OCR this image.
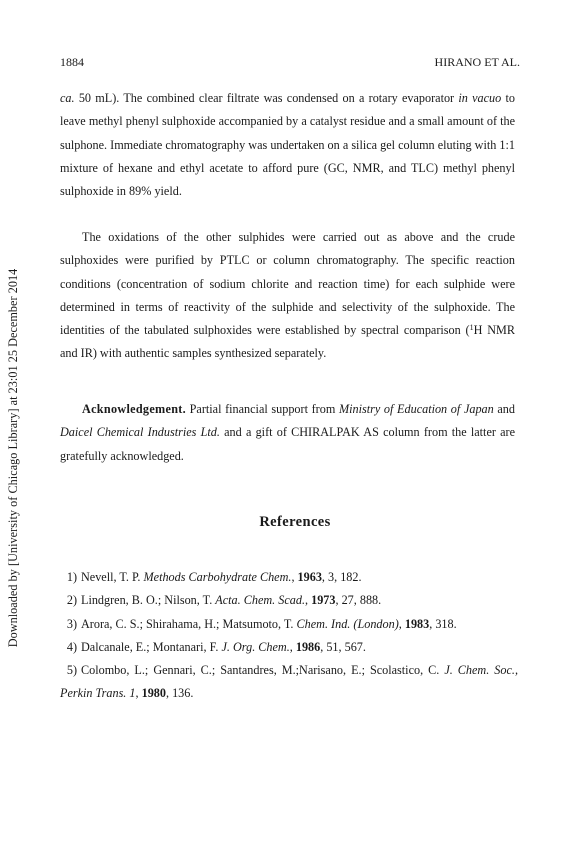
1884	HIRANO ET AL.
Downloaded by [University of Chicago Library] at 23:01 25 December 2014

ca. 50 mL). The combined clear filtrate was condensed on a rotary evaporator in vacuo to leave methyl phenyl sulphoxide accompanied by a catalyst residue and a small amount of the sulphone. Immediate chromatography was undertaken on a silica gel column eluting with 1:1 mixture of hexane and ethyl acetate to afford pure (GC, NMR, and TLC) methyl phenyl sulphoxide in 89% yield.

The oxidations of the other sulphides were carried out as above and the crude sulphoxides were purified by PTLC or column chromatography. The specific reaction conditions (concentration of sodium chlorite and reaction time) for each sulphide were determined in terms of reactivity of the sulphide and selectivity of the sulphoxide. The identities of the tabulated sulphoxides were established by spectral comparison ($^1$H NMR and IR) with authentic samples synthesized separately.

Acknowledgement. Partial financial support from Ministry of Education of Japan and Daicel Chemical Industries Ltd. and a gift of CHIRALPAK AS column from the latter are gratefully acknowledged.

References

1) Nevell, T. P. Methods Carbohydrate Chem., 1963, 3, 182.

2) Lindgren, B. O.; Nilson, T. Acta. Chem. Scad., 1973, 27, 888.

3) Arora, C. S.; Shirahama, H.; Matsumoto, T. Chem. Ind. (London), 1983, 318.

4) Dalcanale, E.; Montanari, F. J. Org. Chem., 1986, 51, 567.

5) Colombo, L.; Gennari, C.; Santandres, M.;Narisano, E.; Scolastico, C. J. Chem. Soc., Perkin Trans. 1, 1980, 136.
